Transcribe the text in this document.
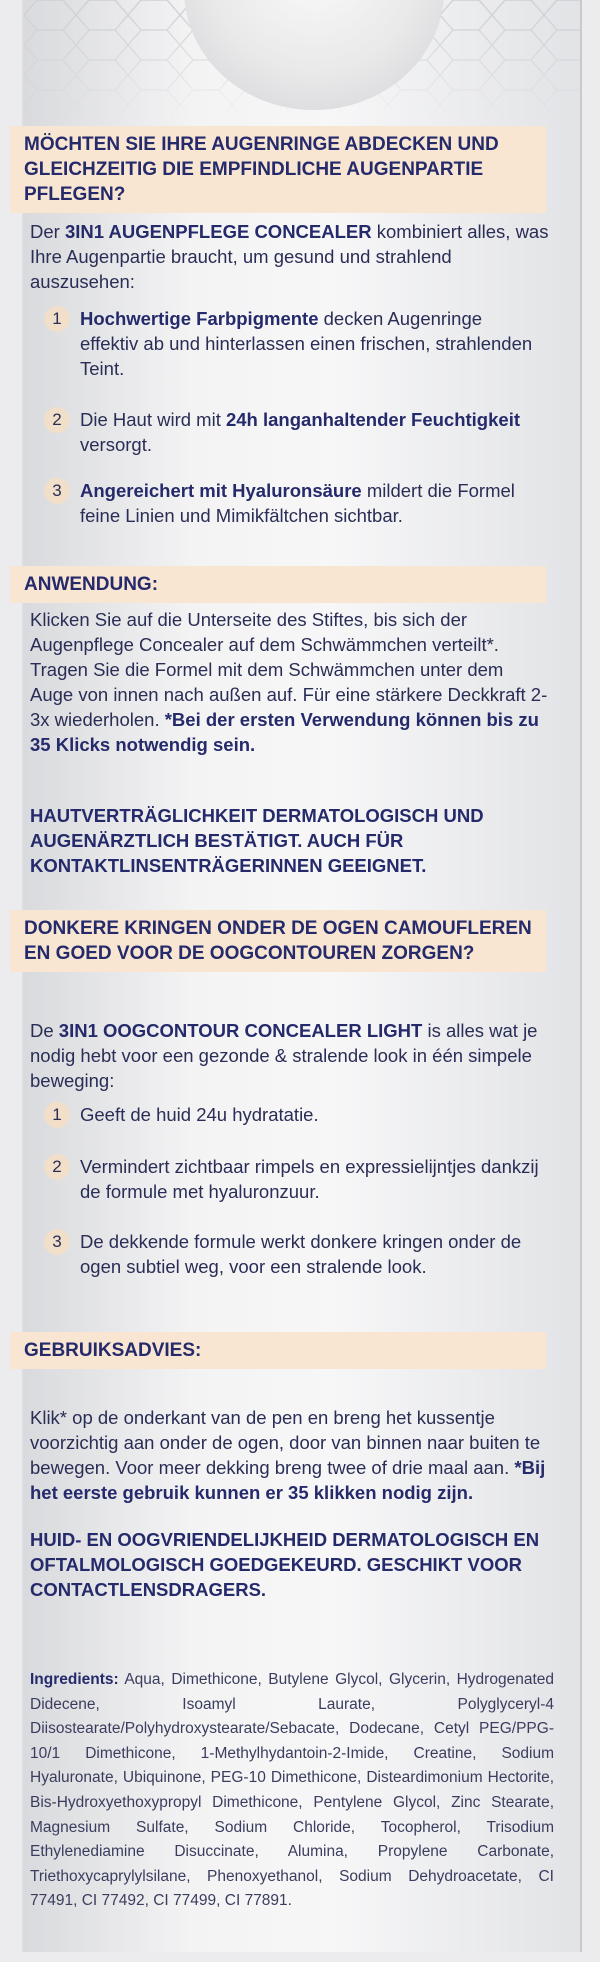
MÖCHTEN SIE IHRE AUGENRINGE ABDECKEN UND GLEICHZEITIG DIE EMPFINDLICHE AUGENPARTIE PFLEGEN?
Der 3IN1 AUGENPFLEGE CONCEALER kombiniert alles, was Ihre Augenpartie braucht, um gesund und strahlend auszusehen:
1 Hochwertige Farbpigmente decken Augenringe effektiv ab und hinterlassen einen frischen, strahlenden Teint.
2 Die Haut wird mit 24h langanhaltender Feuchtigkeit versorgt.
3 Angereichert mit Hyaluronsäure mildert die Formel feine Linien und Mimikfältchen sichtbar.
ANWENDUNG:
Klicken Sie auf die Unterseite des Stiftes, bis sich der Augenpflege Concealer auf dem Schwämmchen verteilt*. Tragen Sie die Formel mit dem Schwämmchen unter dem Auge von innen nach außen auf. Für eine stärkere Deckkraft 2-3x wiederholen. *Bei der ersten Verwendung können bis zu 35 Klicks notwendig sein.
HAUTVERTRÄGLICHKEIT DERMATOLOGISCH UND AUGENÄRZTLICH BESTÄTIGT. AUCH FÜR KONTAKTLINSENTRÄGERINNEN GEEIGNET.
DONKERE KRINGEN ONDER DE OGEN CAMOUFLEREN EN GOED VOOR DE OOGCONTOUREN ZORGEN?
De 3IN1 OOGCONTOUR CONCEALER LIGHT is alles wat je nodig hebt voor een gezonde & stralende look in één simpele beweging:
1 Geeft de huid 24u hydratatie.
2 Vermindert zichtbaar rimpels en expressielijntjes dankzij de formule met hyaluronzuur.
3 De dekkende formule werkt donkere kringen onder de ogen subtiel weg, voor een stralende look.
GEBRUIKSADVIES:
Klik* op de onderkant van de pen en breng het kussentje voorzichtig aan onder de ogen, door van binnen naar buiten te bewegen. Voor meer dekking breng twee of drie maal aan. *Bij het eerste gebruik kunnen er 35 klikken nodig zijn.
HUID- EN OOGVRIENDELIJKHEID DERMATOLOGISCH EN OFTALMOLOGISCH GOEDGEKEURD. GESCHIKT VOOR CONTACTLENSDRAGERS.
Ingredients: Aqua, Dimethicone, Butylene Glycol, Glycerin, Hydrogenated Didecene, Isoamyl Laurate, Polyglyceryl-4 Diisostearate/Polyhydroxystearate/Sebacate, Dodecane, Cetyl PEG/PPG-10/1 Dimethicone, 1-Methylhydantoin-2-Imide, Creatine, Sodium Hyaluronate, Ubiquinone, PEG-10 Dimethicone, Disteardimonium Hectorite, Bis-Hydroxyethoxypropyl Dimethicone, Pentylene Glycol, Zinc Stearate, Magnesium Sulfate, Sodium Chloride, Tocopherol, Trisodium Ethylenediamine Disuccinate, Alumina, Propylene Carbonate, Triethoxycaprylylsilane, Phenoxyethanol, Sodium Dehydroacetate, CI 77491, CI 77492, CI 77499, CI 77891.
